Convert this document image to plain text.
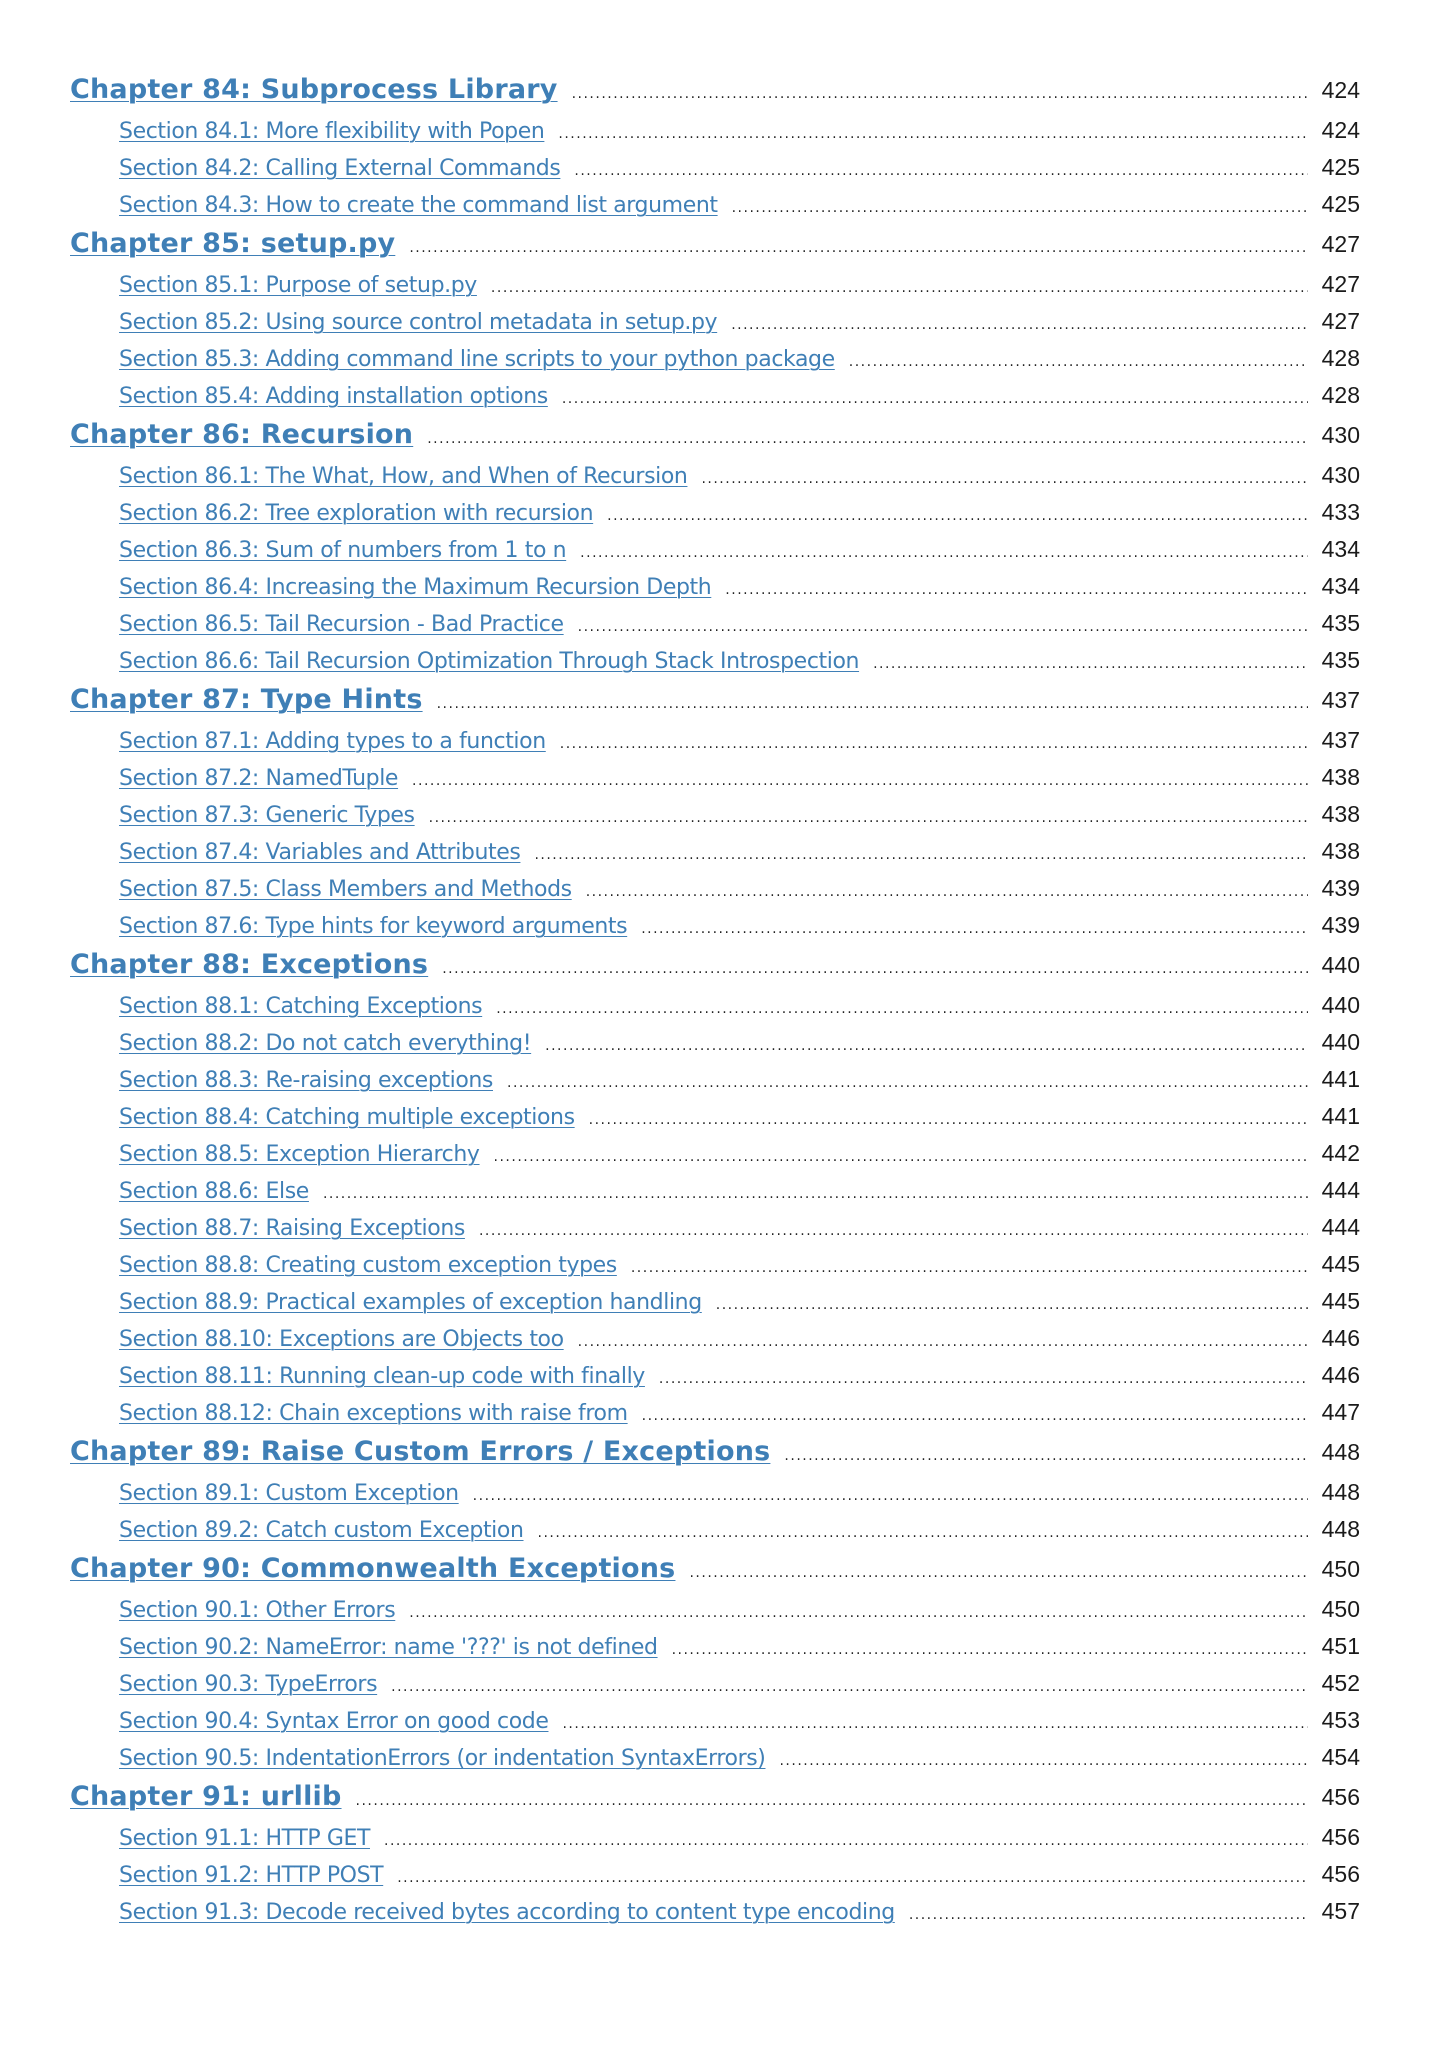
Chapter 84: Subprocess Library .....	424
Section 84.1: More flexibility with Popen .....	424
Section 84.2: Calling External Commands .....	425
Section 84.3: How to create the command list argument .....	425
Chapter 85: setup.py .....	427
Section 85.1: Purpose of setup.py .....	427
Section 85.2: Using source control metadata in setup.py .....	427
Section 85.3: Adding command line scripts to your python package .....	428
Section 85.4: Adding installation options .....	428
Chapter 86: Recursion .....	430
Section 86.1: The What, How, and When of Recursion .....	430
Section 86.2: Tree exploration with recursion .....	433
Section 86.3: Sum of numbers from 1 to n .....	434
Section 86.4: Increasing the Maximum Recursion Depth .....	434
Section 86.5: Tail Recursion - Bad Practice .....	435
Section 86.6: Tail Recursion Optimization Through Stack Introspection .....	435
Chapter 87: Type Hints .....	437
Section 87.1: Adding types to a function .....	437
Section 87.2: NamedTuple .....	438
Section 87.3: Generic Types .....	438
Section 87.4: Variables and Attributes .....	438
Section 87.5: Class Members and Methods .....	439
Section 87.6: Type hints for keyword arguments .....	439
Chapter 88: Exceptions .....	440
Section 88.1: Catching Exceptions .....	440
Section 88.2: Do not catch everything! .....	440
Section 88.3: Re-raising exceptions .....	441
Section 88.4: Catching multiple exceptions .....	441
Section 88.5: Exception Hierarchy .....	442
Section 88.6: Else .....	444
Section 88.7: Raising Exceptions .....	444
Section 88.8: Creating custom exception types .....	445
Section 88.9: Practical examples of exception handling .....	445
Section 88.10: Exceptions are Objects too .....	446
Section 88.11: Running clean-up code with finally .....	446
Section 88.12: Chain exceptions with raise from .....	447
Chapter 89: Raise Custom Errors / Exceptions .....	448
Section 89.1: Custom Exception .....	448
Section 89.2: Catch custom Exception .....	448
Chapter 90: Commonwealth Exceptions .....	450
Section 90.1: Other Errors .....	450
Section 90.2: NameError: name '???' is not defined .....	451
Section 90.3: TypeErrors .....	452
Section 90.4: Syntax Error on good code .....	453
Section 90.5: IndentationErrors (or indentation SyntaxErrors) .....	454
Chapter 91: urllib .....	456
Section 91.1: HTTP GET .....	456
Section 91.2: HTTP POST .....	456
Section 91.3: Decode received bytes according to content type encoding .....	457
